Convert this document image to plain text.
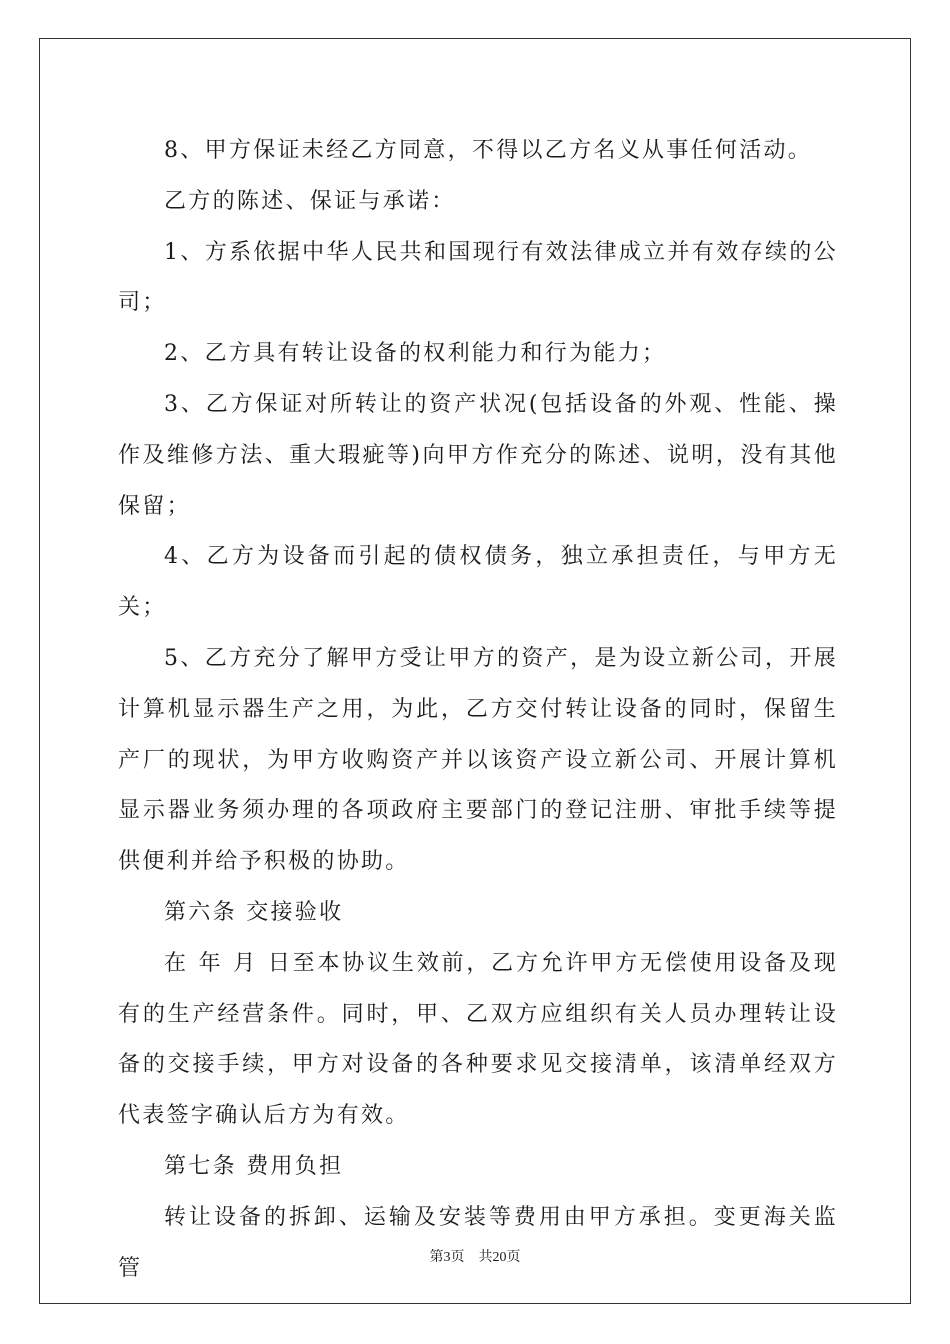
8、甲方保证未经乙方同意，不得以乙方名义从事任何活动。

乙方的陈述、保证与承诺：

1、方系依据中华人民共和国现行有效法律成立并有效存续的公司；

2、乙方具有转让设备的权利能力和行为能力；

3、乙方保证对所转让的资产状况(包括设备的外观、性能、操作及维修方法、重大瑕疵等)向甲方作充分的陈述、说明，没有其他保留；

4、乙方为设备而引起的债权债务，独立承担责任，与甲方无关；

5、乙方充分了解甲方受让甲方的资产，是为设立新公司，开展计算机显示器生产之用，为此，乙方交付转让设备的同时，保留生产厂的现状，为甲方收购资产并以该资产设立新公司、开展计算机显示器业务须办理的各项政府主要部门的登记注册、审批手续等提供便利并给予积极的协助。

第六条 交接验收

在 年 月 日至本协议生效前，乙方允许甲方无偿使用设备及现有的生产经营条件。同时，甲、乙双方应组织有关人员办理转让设备的交接手续，甲方对设备的各种要求见交接清单，该清单经双方代表签字确认后方为有效。

第七条 费用负担

转让设备的拆卸、运输及安装等费用由甲方承担。变更海关监管	第3页 共20页
